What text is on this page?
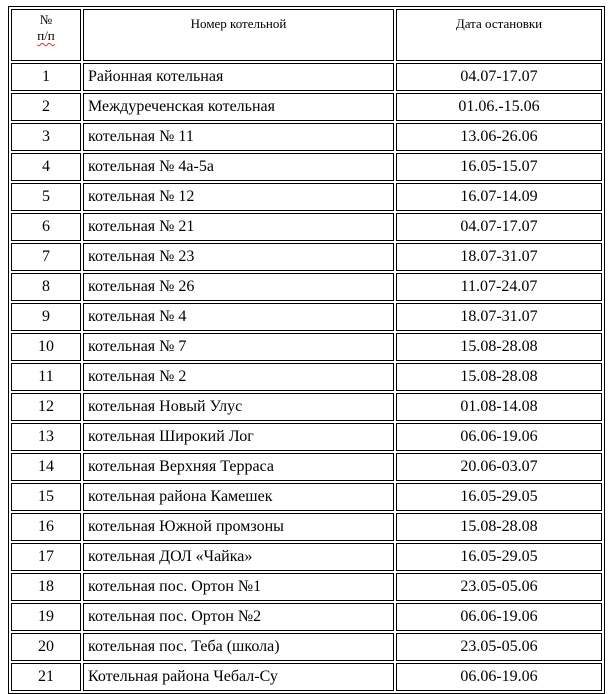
№
п/п	Номер котельной	Дата остановки
1	Районная котельная	04.07-17.07
2	Междуреченская котельная	01.06.-15.06
3	котельная № 11	13.06-26.06
4	котельная № 4а-5а	16.05-15.07
5	котельная № 12	16.07-14.09
6	котельная № 21	04.07-17.07
7	котельная № 23	18.07-31.07
8	котельная № 26	11.07-24.07
9	котельная № 4	18.07-31.07
10	котельная № 7	15.08-28.08
11	котельная № 2	15.08-28.08
12	котельная Новый Улус	01.08-14.08
13	котельная Широкий Лог	06.06-19.06
14	котельная Верхняя Терраса	20.06-03.07
15	котельная района Камешек	16.05-29.05
16	котельная Южной промзоны	15.08-28.08
17	котельная ДОЛ «Чайка»	16.05-29.05
18	котельная пос. Ортон №1	23.05-05.06
19	котельная пос. Ортон №2	06.06-19.06
20	котельная пос. Теба (школа)	23.05-05.06
21	Котельная района Чебал-Су	06.06-19.06
